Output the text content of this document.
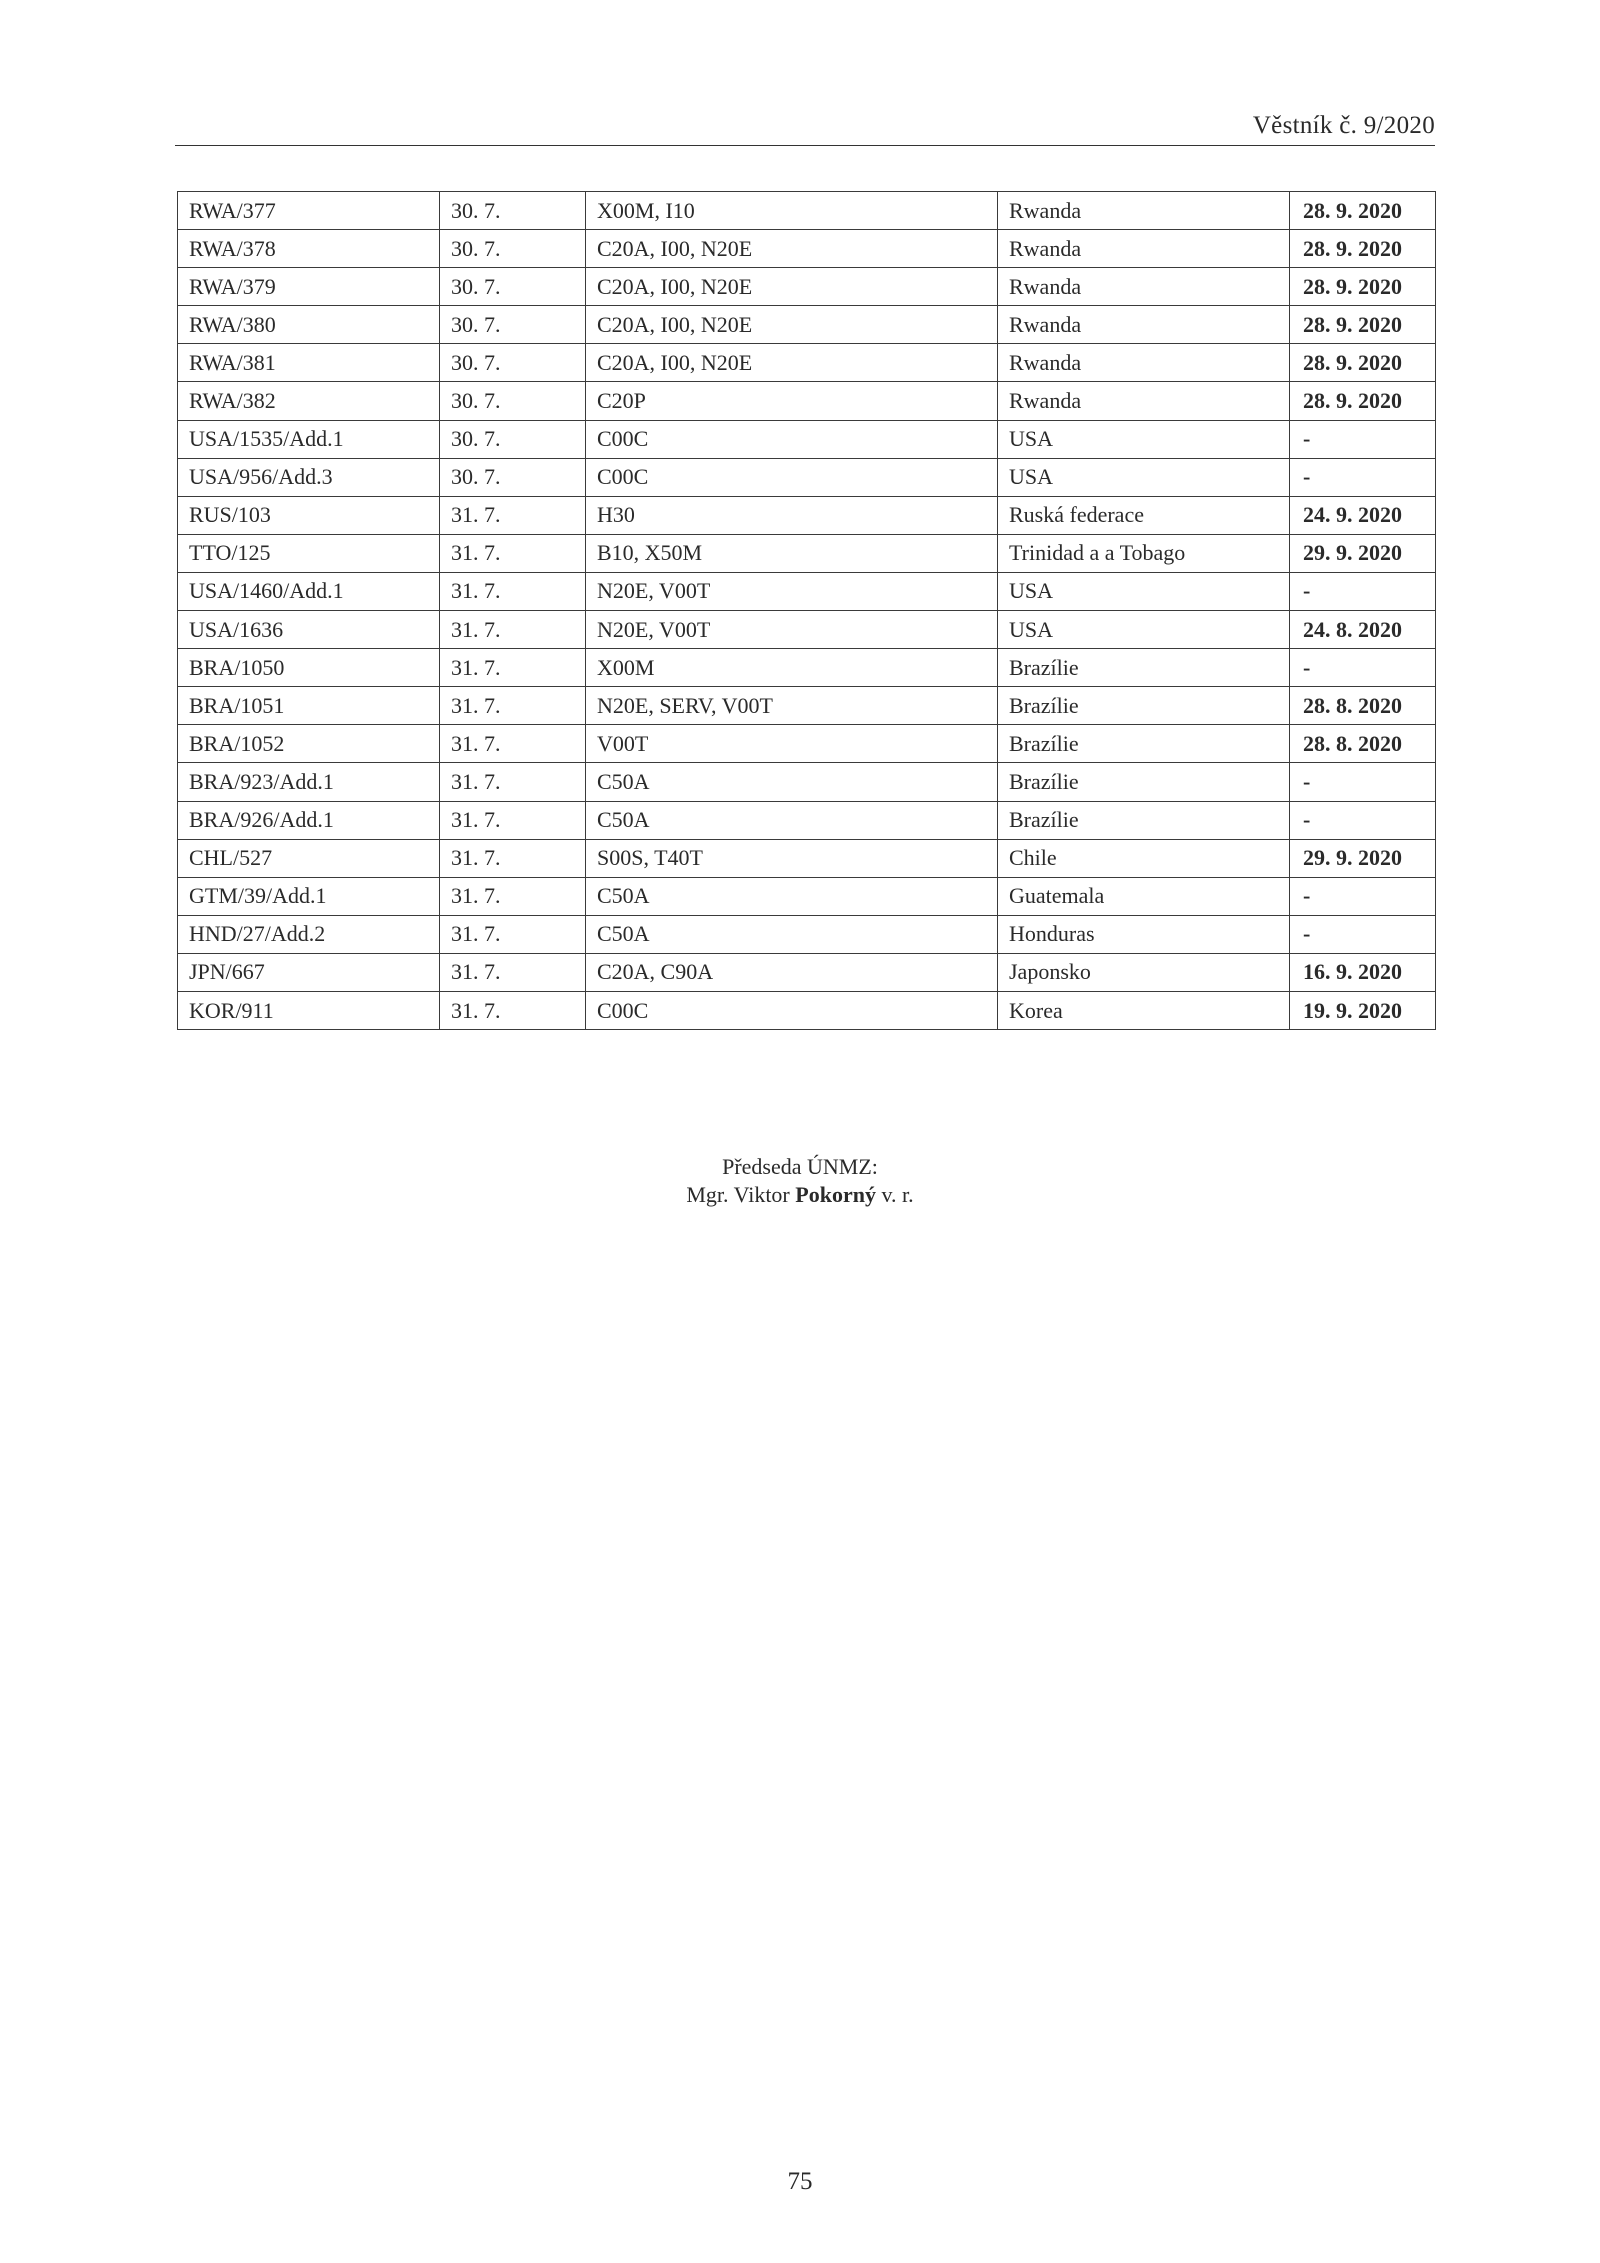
Věstník č. 9/2020
RWA/377	30. 7.	X00M, I10	Rwanda	28. 9. 2020
RWA/378	30. 7.	C20A, I00, N20E	Rwanda	28. 9. 2020
RWA/379	30. 7.	C20A, I00, N20E	Rwanda	28. 9. 2020
RWA/380	30. 7.	C20A, I00, N20E	Rwanda	28. 9. 2020
RWA/381	30. 7.	C20A, I00, N20E	Rwanda	28. 9. 2020
RWA/382	30. 7.	C20P	Rwanda	28. 9. 2020
USA/1535/Add.1	30. 7.	C00C	USA	-
USA/956/Add.3	30. 7.	C00C	USA	-
RUS/103	31. 7.	H30	Ruská federace	24. 9. 2020
TTO/125	31. 7.	B10, X50M	Trinidad a a Tobago	29. 9. 2020
USA/1460/Add.1	31. 7.	N20E, V00T	USA	-
USA/1636	31. 7.	N20E, V00T	USA	24. 8. 2020
BRA/1050	31. 7.	X00M	Brazílie	-
BRA/1051	31. 7.	N20E, SERV, V00T	Brazílie	28. 8. 2020
BRA/1052	31. 7.	V00T	Brazílie	28. 8. 2020
BRA/923/Add.1	31. 7.	C50A	Brazílie	-
BRA/926/Add.1	31. 7.	C50A	Brazílie	-
CHL/527	31. 7.	S00S, T40T	Chile	29. 9. 2020
GTM/39/Add.1	31. 7.	C50A	Guatemala	-
HND/27/Add.2	31. 7.	C50A	Honduras	-
JPN/667	31. 7.	C20A, C90A	Japonsko	16. 9. 2020
KOR/911	31. 7.	C00C	Korea	19. 9. 2020
Předseda ÚNMZ:
Mgr. Viktor Pokorný v. r.
75
